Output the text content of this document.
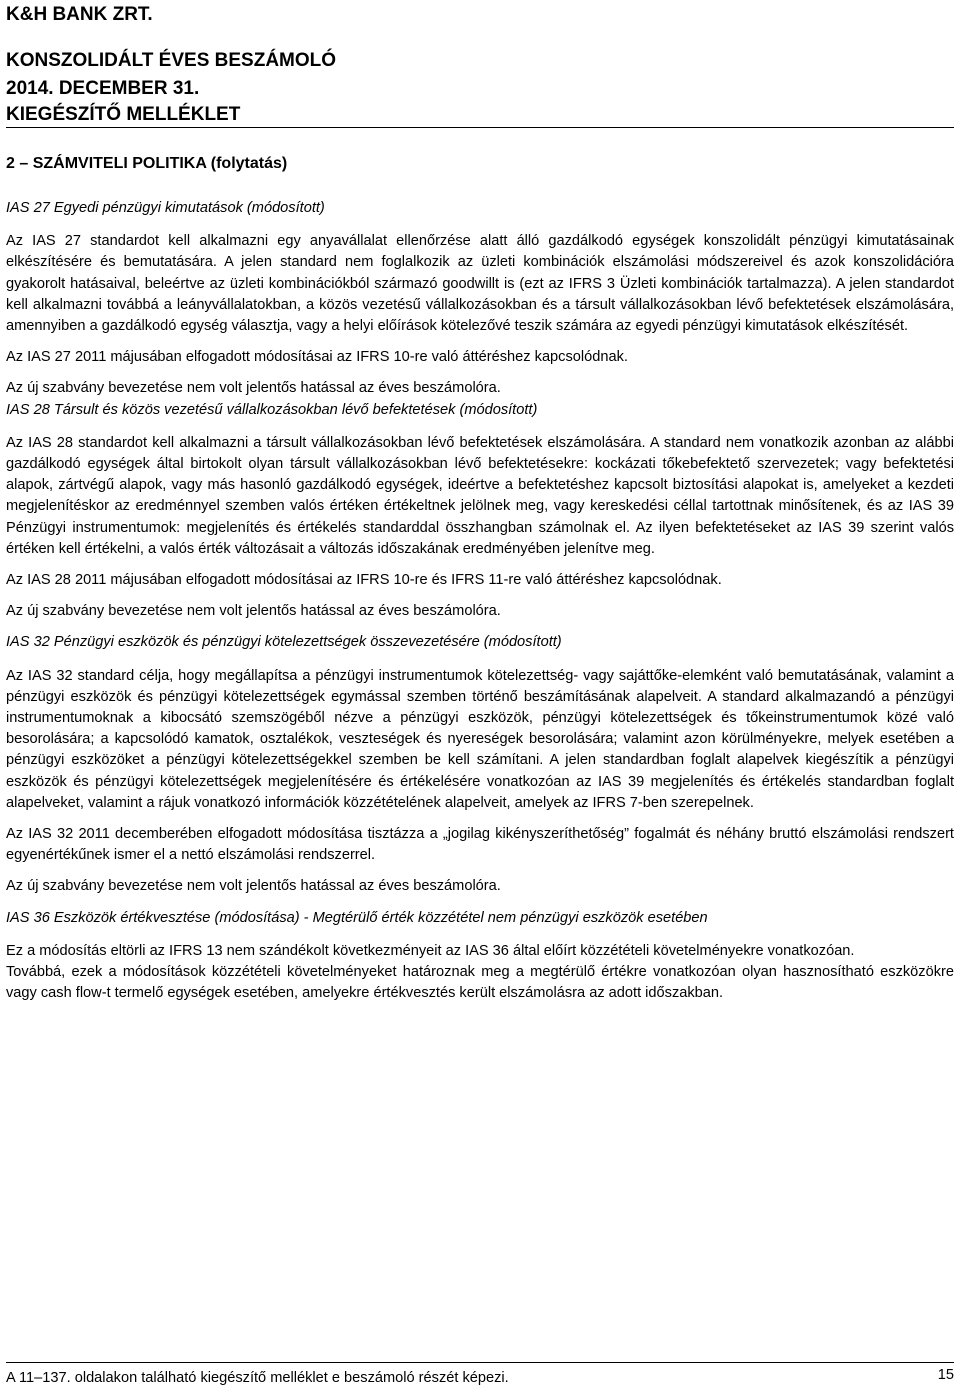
K&H BANK ZRT.
KONSZOLIDÁLT ÉVES BESZÁMOLÓ
2014. DECEMBER 31.
KIEGÉSZÍTŐ MELLÉKLET
2 – SZÁMVITELI POLITIKA (folytatás)

IAS 27 Egyedi pénzügyi kimutatások (módosított)

Az IAS 27 standardot kell alkalmazni egy anyavállalat ellenőrzése alatt álló gazdálkodó egységek konszolidált pénzügyi kimutatásainak elkészítésére és bemutatására. A jelen standard nem foglalkozik az üzleti kombinációk elszámolási módszereivel és azok konszolidációra gyakorolt hatásaival, beleértve az üzleti kombinációkból származó goodwillt is (ezt az IFRS 3 Üzleti kombinációk tartalmazza). A jelen standardot kell alkalmazni továbbá a leányvállalatokban, a közös vezetésű vállalkozásokban és a társult vállalkozásokban lévő befektetések elszámolására, amennyiben a gazdálkodó egység választja, vagy a helyi előírások kötelezővé teszik számára az egyedi pénzügyi kimutatások elkészítését.

Az IAS 27 2011 májusában elfogadott módosításai az IFRS 10-re való áttéréshez kapcsolódnak.

Az új szabvány bevezetése nem volt jelentős hatással az éves beszámolóra.

IAS 28 Társult és közös vezetésű vállalkozásokban lévő befektetések (módosított)

Az IAS 28 standardot kell alkalmazni a társult vállalkozásokban lévő befektetések elszámolására. A standard nem vonatkozik azonban az alábbi gazdálkodó egységek által birtokolt olyan társult vállalkozásokban lévő befektetésekre: kockázati tőkebefektető szervezetek; vagy befektetési alapok, zártvégű alapok, vagy más hasonló gazdálkodó egységek, ideértve a befektetéshez kapcsolt biztosítási alapokat is, amelyeket a kezdeti megjelenítéskor az eredménnyel szemben valós értéken értékeltnek jelölnek meg, vagy kereskedési céllal tartottnak minősítenek, és az IAS 39 Pénzügyi instrumentumok: megjelenítés és értékelés standarddal összhangban számolnak el. Az ilyen befektetéseket az IAS 39 szerint valós értéken kell értékelni, a valós érték változásait a változás időszakának eredményében jelenítve meg.

Az IAS 28 2011 májusában elfogadott módosításai az IFRS 10-re és IFRS 11-re való áttéréshez kapcsolódnak.

Az új szabvány bevezetése nem volt jelentős hatással az éves beszámolóra.

IAS 32 Pénzügyi eszközök és pénzügyi kötelezettségek összevezetésére (módosított)

Az IAS 32 standard célja, hogy megállapítsa a pénzügyi instrumentumok kötelezettség- vagy sajáttőke-elemként való bemutatásának, valamint a pénzügyi eszközök és pénzügyi kötelezettségek egymással szemben történő beszámításának alapelveit. A standard alkalmazandó a pénzügyi instrumentumoknak a kibocsátó szemszögéből nézve a pénzügyi eszközök, pénzügyi kötelezettségek és tőkeinstrumentumok közé való besorolására; a kapcsolódó kamatok, osztalékok, veszteségek és nyereségek besorolására; valamint azon körülményekre, melyek esetében a pénzügyi eszközöket a pénzügyi kötelezettségekkel szemben be kell számítani. A jelen standardban foglalt alapelvek kiegészítik a pénzügyi eszközök és pénzügyi kötelezettségek megjelenítésére és értékelésére vonatkozóan az IAS 39 megjelenítés és értékelés standardban foglalt alapelveket, valamint a rájuk vonatkozó információk közzétételének alapelveit, amelyek az IFRS 7-ben szerepelnek.

Az IAS 32 2011 decemberében elfogadott módosítása tisztázza a „jogilag kikényszeríthetőség” fogalmát és néhány bruttó elszámolási rendszert egyenértékűnek ismer el a nettó elszámolási rendszerrel.

Az új szabvány bevezetése nem volt jelentős hatással az éves beszámolóra.

IAS 36 Eszközök értékvesztése (módosítása) - Megtérülő érték közzététel nem pénzügyi eszközök esetében

Ez a módosítás eltörli az IFRS 13 nem szándékolt következményeit az IAS 36 által előírt közzétételi követelményekre vonatkozóan.

Továbbá, ezek a módosítások közzétételi követelményeket határoznak meg a megtérülő értékre vonatkozóan olyan hasznosítható eszközökre vagy cash flow-t termelő egységek esetében, amelyekre értékvesztés került elszámolásra az adott időszakban.

A 11–137. oldalakon található kiegészítő melléklet e beszámoló részét képezi.	15
